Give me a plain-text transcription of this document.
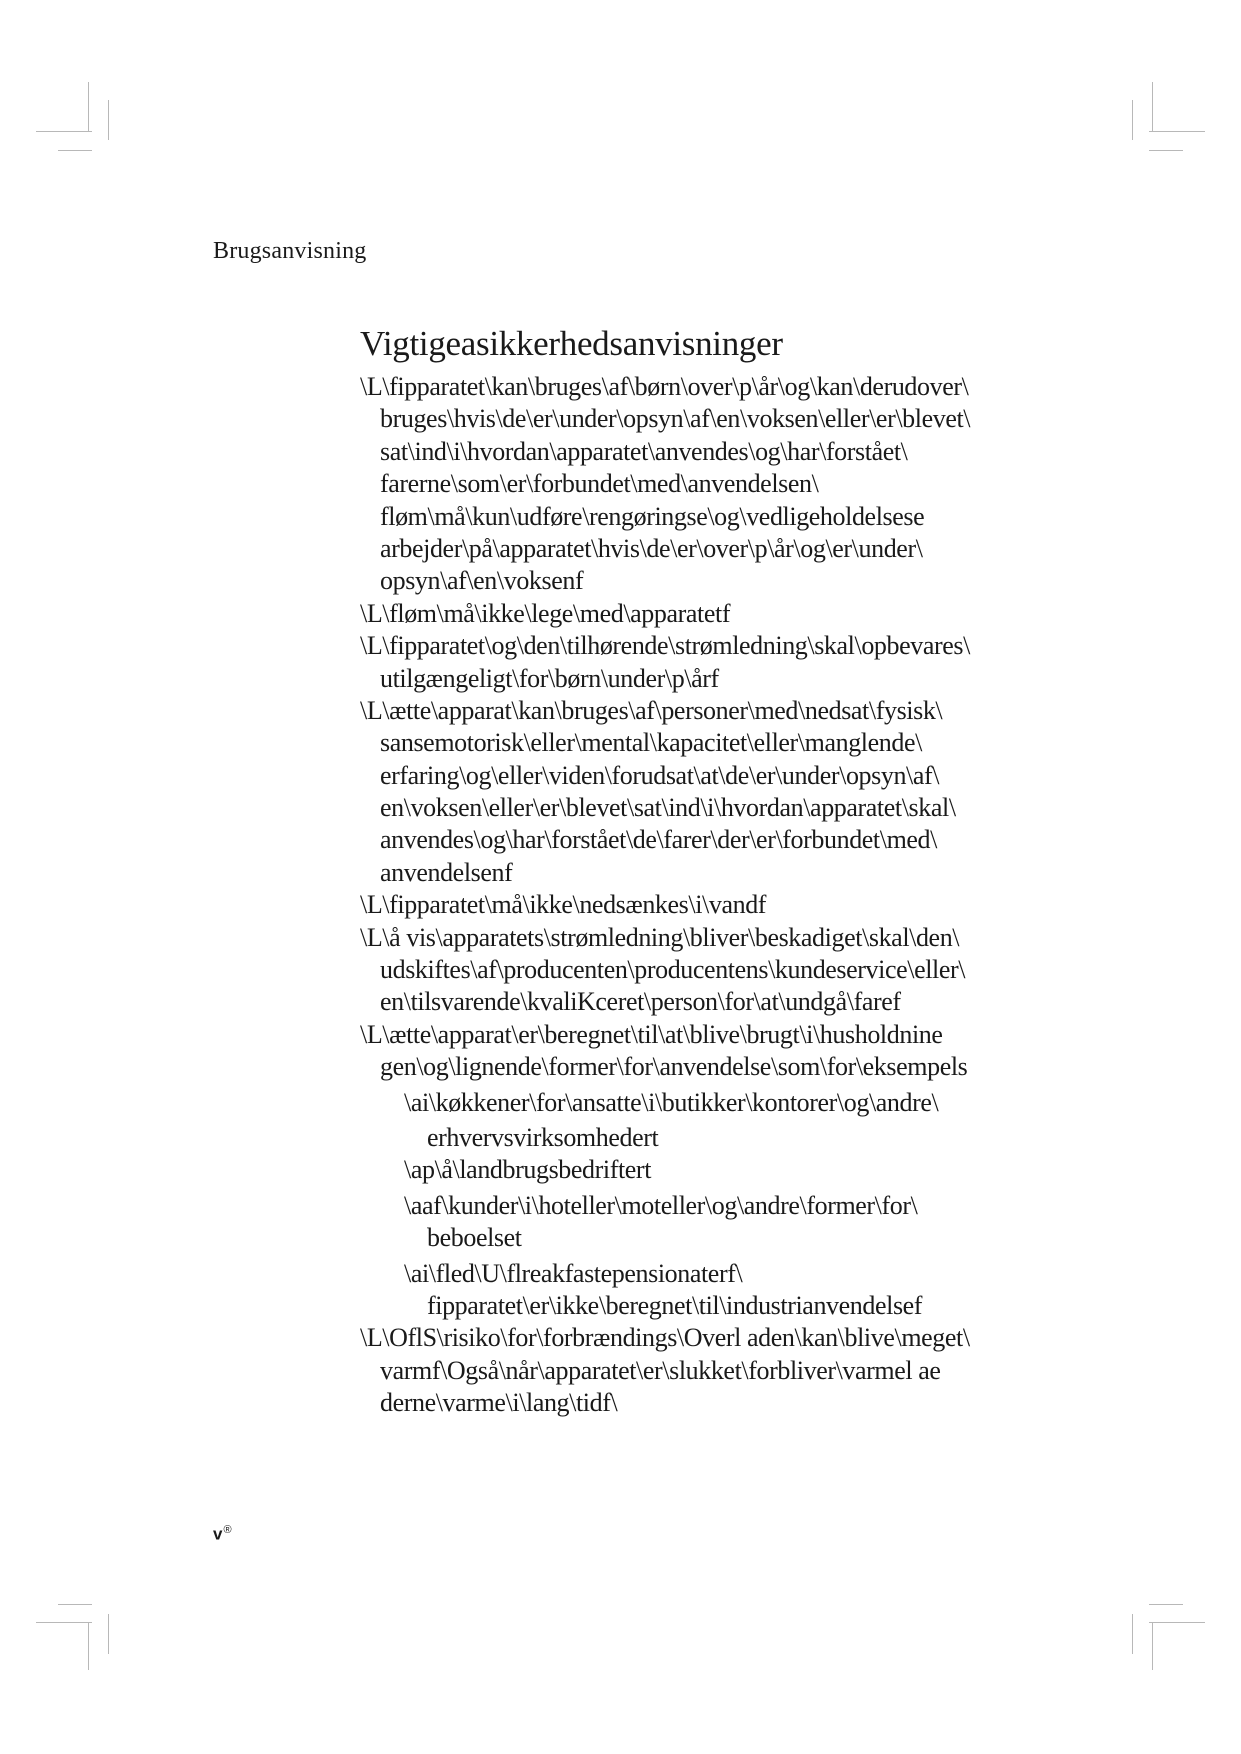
Brugsanvisning
Vigtigeasikkerhedsanvisninger
\L\fipparatet\kan\bruges\af\børn\over\p\år\og\kan\derudover\
bruges\hvis\de\er\under\opsyn\af\en\voksen\eller\er\blevet\
sat\ind\i\hvordan\apparatet\anvendes\og\har\forstået\
farerne\som\er\forbundet\med\anvendelsen\
fløm\må\kun\udføre\rengøringse\og\vedligeholdelsese
arbejder\på\apparatet\hvis\de\er\over\p\år\og\er\under\
opsyn\af\en\voksenf
\L\fløm\må\ikke\lege\med\apparatetf
\L\fipparatet\og\den\tilhørende\strømledning\skal\opbevares\
utilgængeligt\for\børn\under\p\årf
\L\ætte\apparat\kan\bruges\af\personer\med\nedsat\fysisk\
sansemotorisk\eller\mental\kapacitet\eller\manglende\
erfaring\og\eller\viden\forudsat\at\de\er\under\opsyn\af\
en\voksen\eller\er\blevet\sat\ind\i\hvordan\apparatet\skal\
anvendes\og\har\forstået\de\farer\der\er\forbundet\med\
anvendelsenf
\L\fipparatet\må\ikke\nedsænkes\i\vandf
\L\å vis\apparatets\strømledning\bliver\beskadiget\skal\den\
udskiftes\af\producenten\producentens\kundeservice\eller\
en\tilsvarende\kvaliKceret\person\for\at\undgå\faref
\L\ætte\apparat\er\beregnet\til\at\blive\brugt\i\husholdnine
gen\og\lignende\former\for\anvendelse\som\for\eksempels
\ai\køkkener\for\ansatte\i\butikker\kontorer\og\andre\
erhvervsvirksomhedert
\ap\å\landbrugsbedriftert
\aaf\kunder\i\hoteller\moteller\og\andre\former\for\
beboelset
\ai\fled\U\flreakfastepensionaterf\
fipparatet\er\ikke\beregnet\til\industrianvendelsef
\L\OflS\risiko\for\forbrændings\Overl aden\kan\blive\meget\
varmf\Også\når\apparatet\er\slukket\forbliver\varmel ae
derne\varme\i\lang\tidf\
v®
